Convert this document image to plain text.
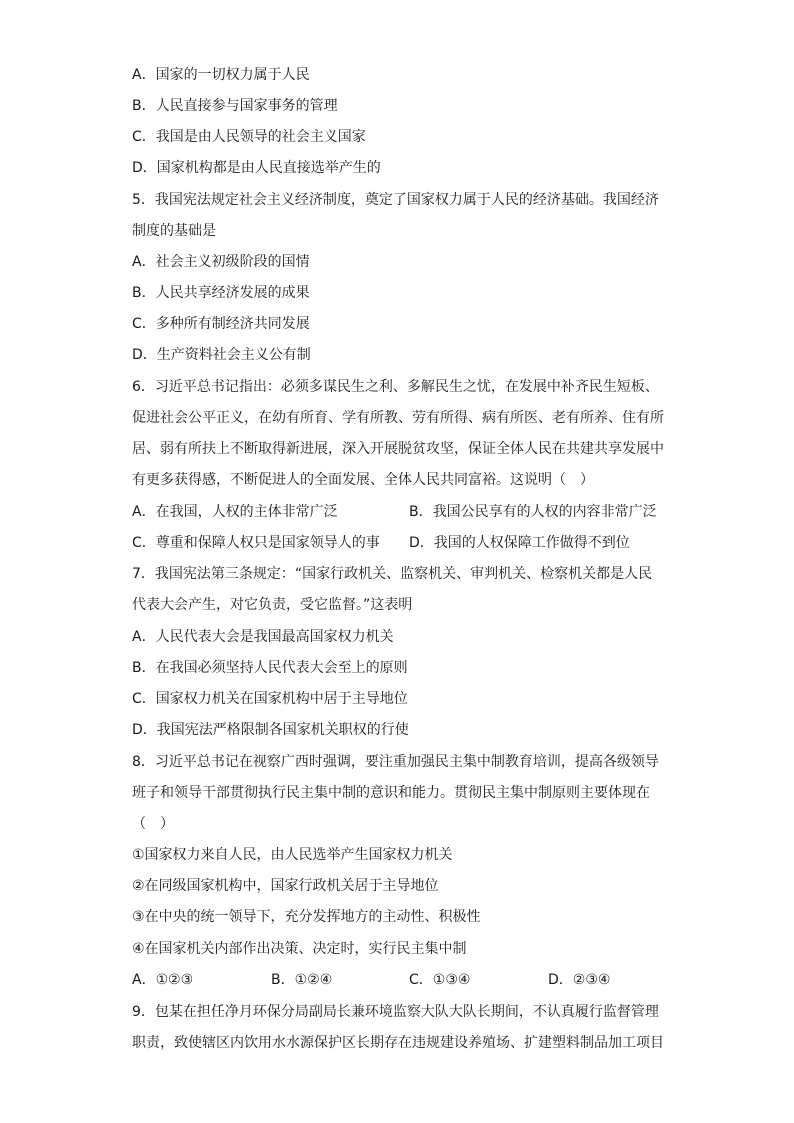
A．国家的一切权力属于人民
B．人民直接参与国家事务的管理
C．我国是由人民领导的社会主义国家
D．国家机构都是由人民直接选举产生的
5．我国宪法规定社会主义经济制度，奠定了国家权力属于人民的经济基础。我国经济
制度的基础是
A．社会主义初级阶段的国情
B．人民共享经济发展的成果
C．多种所有制经济共同发展
D．生产资料社会主义公有制
6．习近平总书记指出：必须多谋民生之利、多解民生之忧，在发展中补齐民生短板、
促进社会公平正义，在幼有所育、学有所教、劳有所得、病有所医、老有所养、住有所
居、弱有所扶上不断取得新进展，深入开展脱贫攻坚，保证全体人民在共建共享发展中
有更多获得感，不断促进人的全面发展、全体人民共同富裕。这说明（　）
A．在我国，人权的主体非常广泛	B．我国公民享有的人权的内容非常广泛
C．尊重和保障人权只是国家领导人的事 D．我国的人权保障工作做得不到位
7．我国宪法第三条规定：“国家行政机关、监察机关、审判机关、检察机关都是人民
代表大会产生，对它负责，受它监督。”这表明
A．人民代表大会是我国最高国家权力机关
B．在我国必须坚持人民代表大会至上的原则
C．国家权力机关在国家机构中居于主导地位
D．我国宪法严格限制各国家机关职权的行使
8．习近平总书记在视察广西时强调，要注重加强民主集中制教育培训，提高各级领导
班子和领导干部贯彻执行民主集中制的意识和能力。贯彻民主集中制原则主要体现在
（　）
①国家权力来自人民，由人民选举产生国家权力机关
②在同级国家机构中，国家行政机关居于主导地位
③在中央的统一领导下，充分发挥地方的主动性、积极性
④在国家机关内部作出决策、决定时，实行民主集中制
A．①②③	B．①②④	C．①③④	D．②③④
9．包某在担任净月环保分局副局长兼环境监察大队大队长期间，不认真履行监督管理
职责，致使辖区内饮用水水源保护区长期存在违规建设养殖场、扩建塑料制品加工项目
